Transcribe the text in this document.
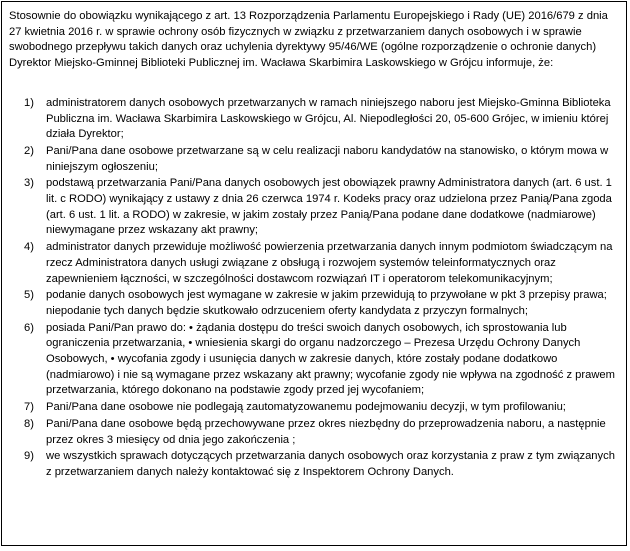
Stosownie do obowiązku wynikającego z art. 13 Rozporządzenia Parlamentu Europejskiego i Rady (UE) 2016/679 z dnia 27 kwietnia 2016 r. w sprawie ochrony osób fizycznych w związku z przetwarzaniem danych osobowych i w sprawie swobodnego przepływu takich danych oraz uchylenia dyrektywy 95/46/WE (ogólne rozporządzenie o ochronie danych) Dyrektor Miejsko-Gminnej Biblioteki Publicznej im. Wacława Skarbimira Laskowskiego w Grójcu informuje, że:

1)	administratorem danych osobowych przetwarzanych w ramach niniejszego naboru jest Miejsko-Gminna Biblioteka Publiczna im. Wacława Skarbimira Laskowskiego w Grójcu, Al. Niepodległości 20, 05-600 Grójec, w imieniu której działa Dyrektor;
2)	Pani/Pana dane osobowe przetwarzane są w celu realizacji naboru kandydatów na stanowisko, o którym mowa w niniejszym ogłoszeniu;
3)	podstawą przetwarzania Pani/Pana danych osobowych jest obowiązek prawny Administratora danych (art. 6 ust. 1 lit. c RODO) wynikający z ustawy z dnia 26 czerwca 1974 r. Kodeks pracy oraz udzielona przez Panią/Pana zgoda (art. 6 ust. 1 lit. a RODO) w zakresie, w jakim zostały przez Panią/Pana podane dane dodatkowe (nadmiarowe) niewymagane przez wskazany akt prawny;
4)	administrator danych przewiduje możliwość powierzenia przetwarzania danych innym podmiotom świadczącym na rzecz Administratora danych usługi związane z obsługą i rozwojem systemów teleinformatycznych oraz zapewnieniem łączności, w szczególności dostawcom rozwiązań IT i operatorom telekomunikacyjnym;
5)	podanie danych osobowych jest wymagane w zakresie w jakim przewidują to przywołane w pkt 3 przepisy prawa; niepodanie tych danych będzie skutkowało odrzuceniem oferty kandydata z przyczyn formalnych;
6)	posiada Pani/Pan prawo do: • żądania dostępu do treści swoich danych osobowych, ich sprostowania lub ograniczenia przetwarzania, • wniesienia skargi do organu nadzorczego – Prezesa Urzędu Ochrony Danych Osobowych, • wycofania zgody i usunięcia danych w zakresie danych, które zostały podane dodatkowo (nadmiarowo) i nie są wymagane przez wskazany akt prawny; wycofanie zgody nie wpływa na zgodność z prawem przetwarzania, którego dokonano na podstawie zgody przed jej wycofaniem;
7)	Pani/Pana dane osobowe nie podlegają zautomatyzowanemu podejmowaniu decyzji, w tym profilowaniu;
8)	Pani/Pana dane osobowe będą przechowywane przez okres niezbędny do przeprowadzenia naboru, a następnie przez okres 3 miesięcy od dnia jego zakończenia ;
9)	we wszystkich sprawach dotyczących przetwarzania danych osobowych oraz korzystania z praw z tym związanych z przetwarzaniem danych należy kontaktować się z Inspektorem Ochrony Danych.
